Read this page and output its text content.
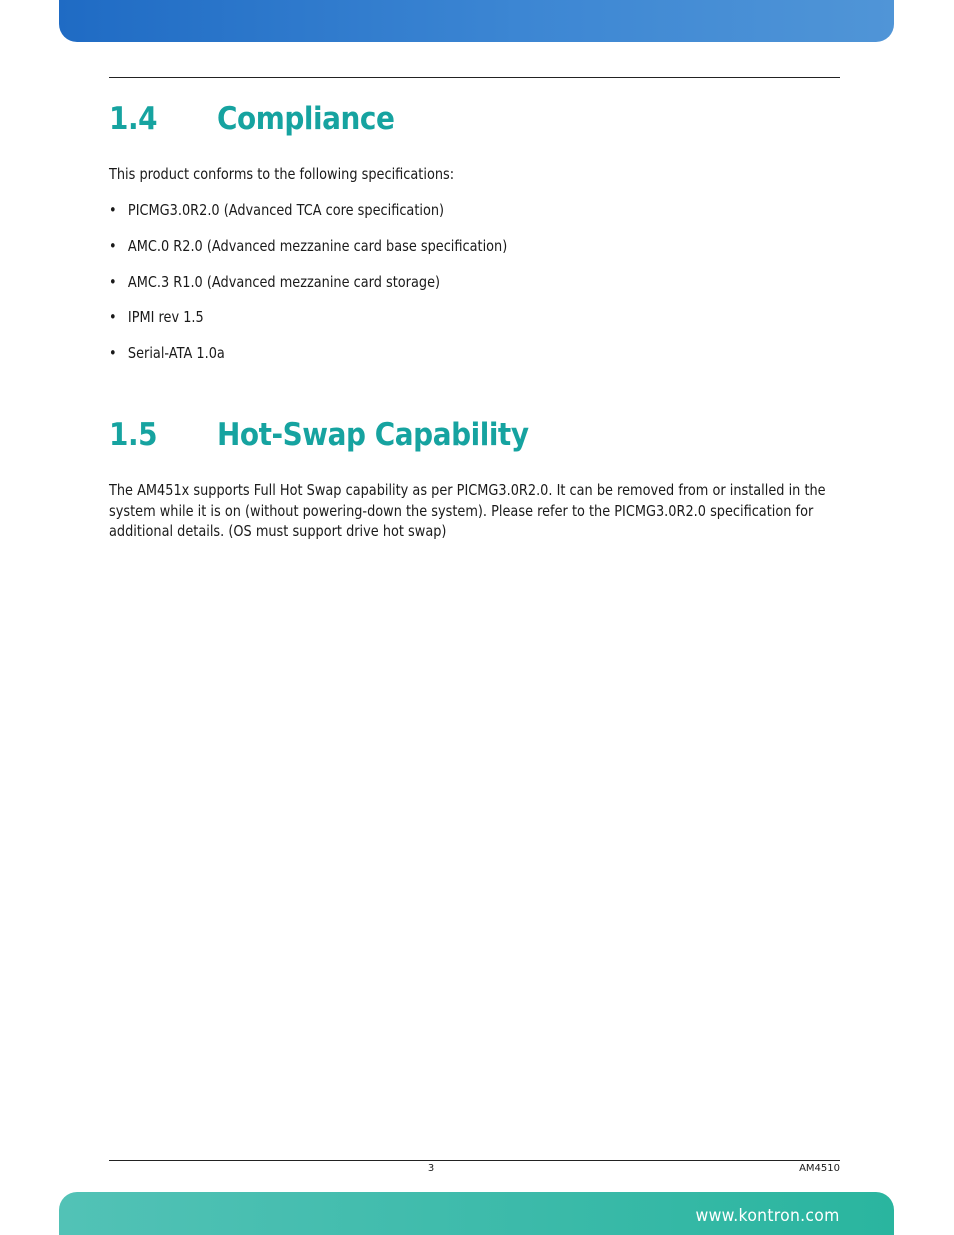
1.4 Compliance

This product conforms to the following specifications:

• PICMG3.0R2.0 (Advanced TCA core specification)
• AMC.0 R2.0 (Advanced mezzanine card base specification)
• AMC.3 R1.0 (Advanced mezzanine card storage)
• IPMI rev 1.5
• Serial-ATA 1.0a
1.5 Hot-Swap Capability

The AM451x supports Full Hot Swap capability as per PICMG3.0R2.0. It can be removed from or installed in the system while it is on (without powering-down the system). Please refer to the PICMG3.0R2.0 specification for additional details. (OS must support drive hot swap)

3	AM4510
www.kontron.com
